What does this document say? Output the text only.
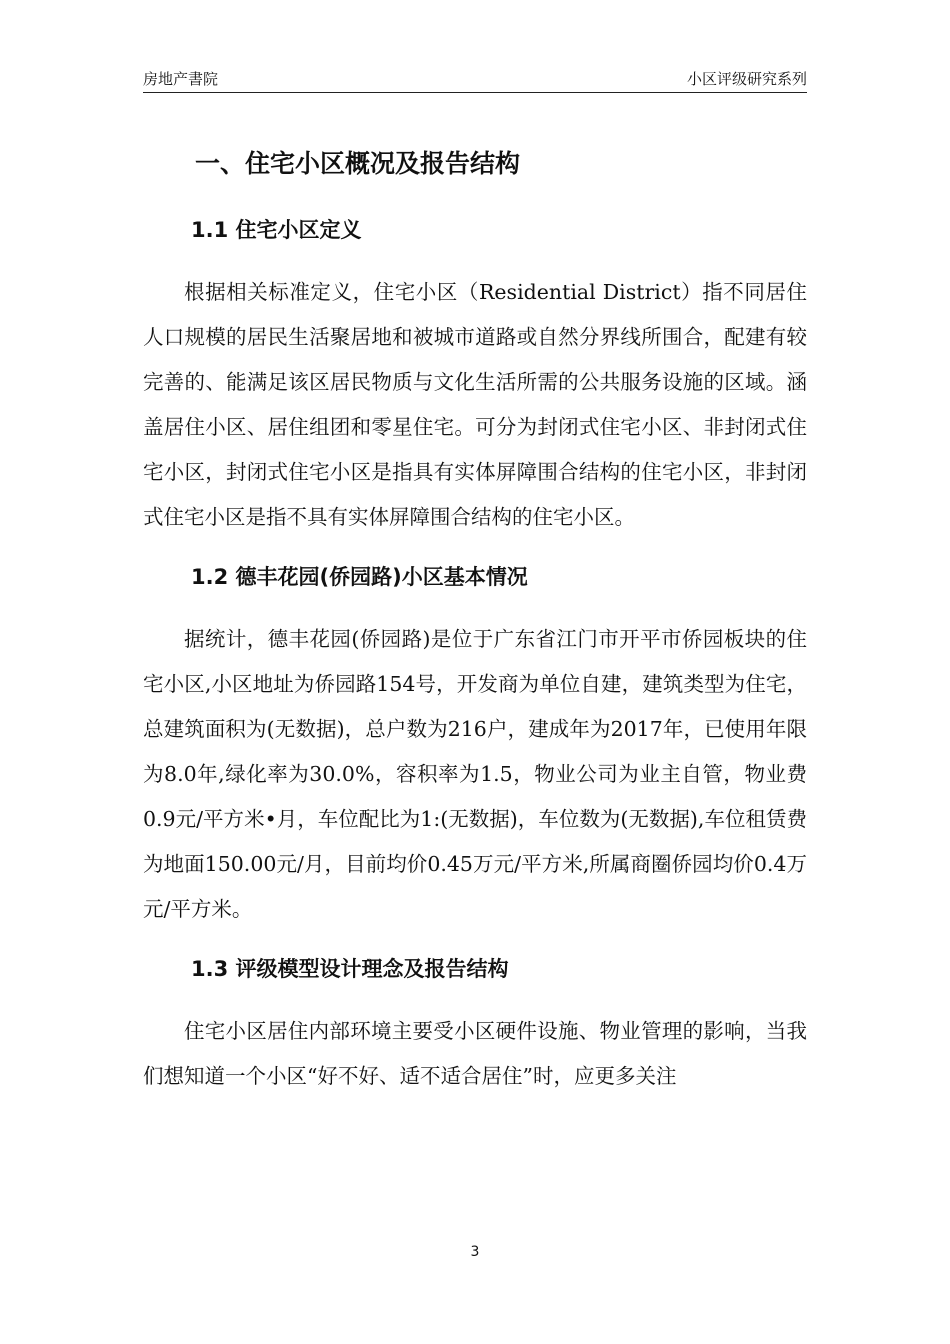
房地产書院	小区评级研究系列
一、住宅小区概况及报告结构
1.1 住宅小区定义

根据相关标准定义，住宅小区（Residential District）指不同居住人口规模的居民生活聚居地和被城市道路或自然分界线所围合，配建有较完善的、能满足该区居民物质与文化生活所需的公共服务设施的区域。涵盖居住小区、居住组团和零星住宅。可分为封闭式住宅小区、非封闭式住宅小区，封闭式住宅小区是指具有实体屏障围合结构的住宅小区，非封闭式住宅小区是指不具有实体屏障围合结构的住宅小区。

1.2 德丰花园(侨园路)小区基本情况

据统计，德丰花园(侨园路)是位于广东省江门市开平市侨园板块的住宅小区,小区地址为侨园路154号，开发商为单位自建，建筑类型为住宅，总建筑面积为(无数据)，总户数为216户，建成年为2017年，已使用年限为8.0年,绿化率为30.0%，容积率为1.5，物业公司为业主自管，物业费0.9元/平方米•月，车位配比为1:(无数据)，车位数为(无数据),车位租赁费为地面150.00元/月，目前均价0.45万元/平方米,所属商圈侨园均价0.4万元/平方米。

1.3 评级模型设计理念及报告结构

住宅小区居住内部环境主要受小区硬件设施、物业管理的影响，当我们想知道一个小区“好不好、适不适合居住”时，应更多关注

3
